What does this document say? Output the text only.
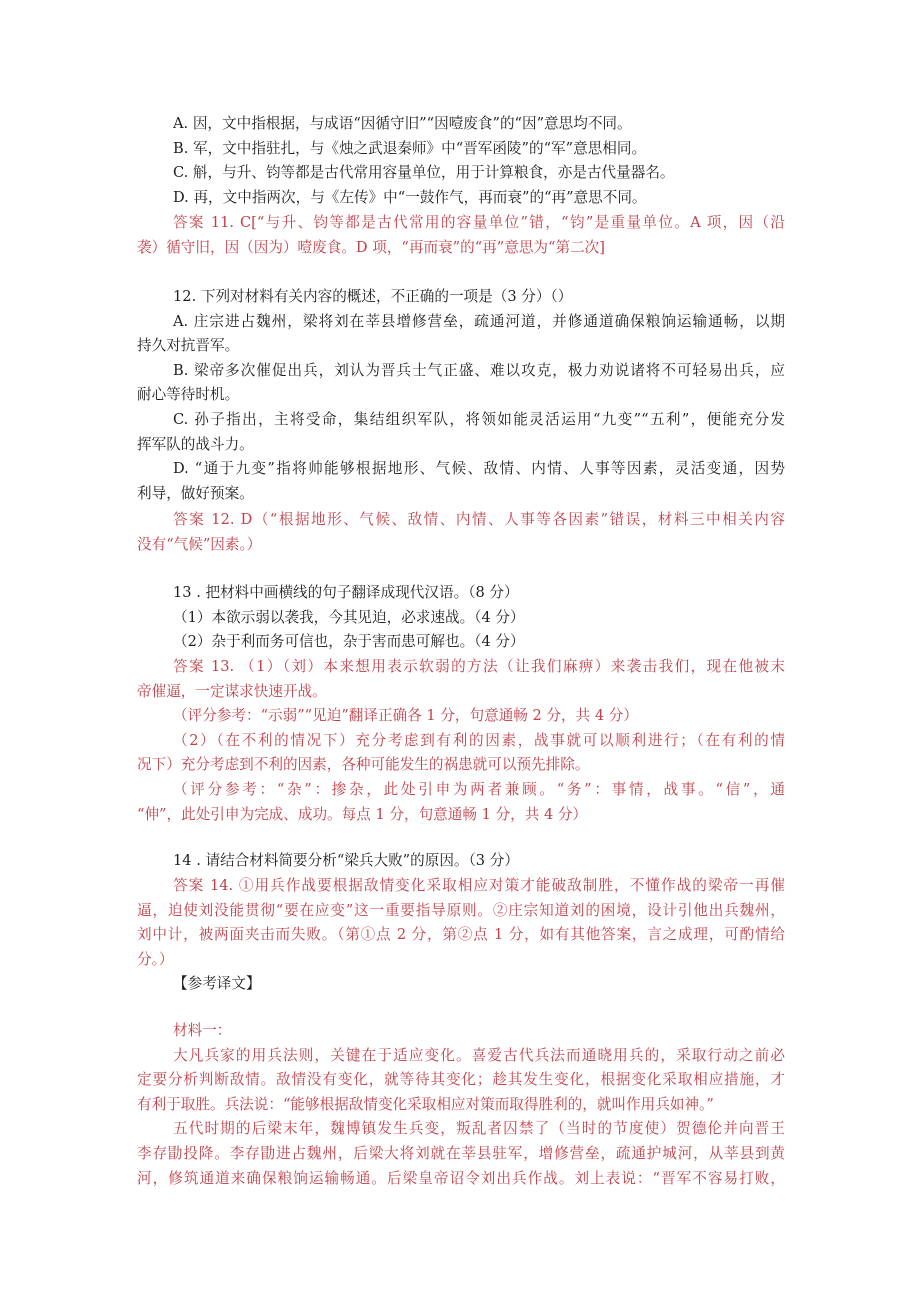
A. 因，文中指根据，与成语“因循守旧”“因噎废食”的“因”意思均不同。
B. 军，文中指驻扎，与《烛之武退秦师》中“晋军函陵”的“军”意思相同。
C. 斛，与升、钧等都是古代常用容量单位，用于计算粮食，亦是古代量器名。
D. 再，文中指两次，与《左传》中“一鼓作气，再而衰”的“再”意思不同。
答案 11. C[“与升、钧等都是古代常用的容量单位”错，“钧”是重量单位。A 项，因（沿
袭）循守旧，因（因为）噎废食。D 项，“再而衰”的“再”意思为“第二次]
12. 下列对材料有关内容的概述，不正确的一项是（3 分）（）
A. 庄宗进占魏州，梁将刘在莘县增修营垒，疏通河道，并修通道确保粮饷运输通畅，以期
持久对抗晋军。
B. 梁帝多次催促出兵，刘认为晋兵士气正盛、难以攻克，极力劝说诸将不可轻易出兵，应
耐心等待时机。
C. 孙子指出，主将受命，集结组织军队，将领如能灵活运用“九变”“五利”，便能充分发
挥军队的战斗力。
D. “通于九变”指将帅能够根据地形、气候、敌情、内情、人事等因素，灵活变通，因势
利导，做好预案。
答案 12. D（“根据地形、气候、敌情、内情、人事等各因素”错误，材料三中相关内容
没有“气候”因素。）
13 . 把材料中画横线的句子翻译成现代汉语。（8 分）
（1）本欲示弱以袭我，今其见迫，必求速战。（4 分）
（2）杂于利而务可信也，杂于害而患可解也。（4 分）
答案 13. （1）（刘）本来想用表示软弱的方法（让我们麻痹）来袭击我们，现在他被末
帝催逼，一定谋求快速开战。
（评分参考：“示弱”“见迫”翻译正确各 1 分，句意通畅 2 分，共 4 分）
（2）（在不利的情况下）充分考虑到有利的因素，战事就可以顺利进行；（在有利的情
况下）充分考虑到不利的因素，各种可能发生的祸患就可以预先排除。
（评分参考：“杂”：掺杂，此处引申为两者兼顾。“务”：事情，战事。“信”，通
“伸”，此处引申为完成、成功。每点 1 分，句意通畅 1 分，共 4 分）
14 . 请结合材料简要分析“梁兵大败”的原因。（3 分）
答案 14. ①用兵作战要根据敌情变化采取相应对策才能破敌制胜，不懂作战的梁帝一再催
逼，迫使刘没能贯彻“要在应变”这一重要指导原则。②庄宗知道刘的困境，设计引他出兵魏州，
刘中计，被两面夹击而失败。（第①点 2 分，第②点 1 分，如有其他答案，言之成理，可酌情给
分。）
【参考译文】
材料一：
大凡兵家的用兵法则，关键在于适应变化。喜爱古代兵法而通晓用兵的，采取行动之前必
定要分析判断敌情。敌情没有变化，就等待其变化；趁其发生变化，根据变化采取相应措施，才
有利于取胜。兵法说：“能够根据敌情变化采取相应对策而取得胜利的，就叫作用兵如神。”
五代时期的后梁末年，魏博镇发生兵变，叛乱者囚禁了（当时的节度使）贺德伦并向晋王
李存勖投降。李存勖进占魏州，后梁大将刘就在莘县驻军，增修营垒，疏通护城河，从莘县到黄
河，修筑通道来确保粮饷运输畅通。后梁皇帝诏令刘出兵作战。刘上表说：“晋军不容易打败，
